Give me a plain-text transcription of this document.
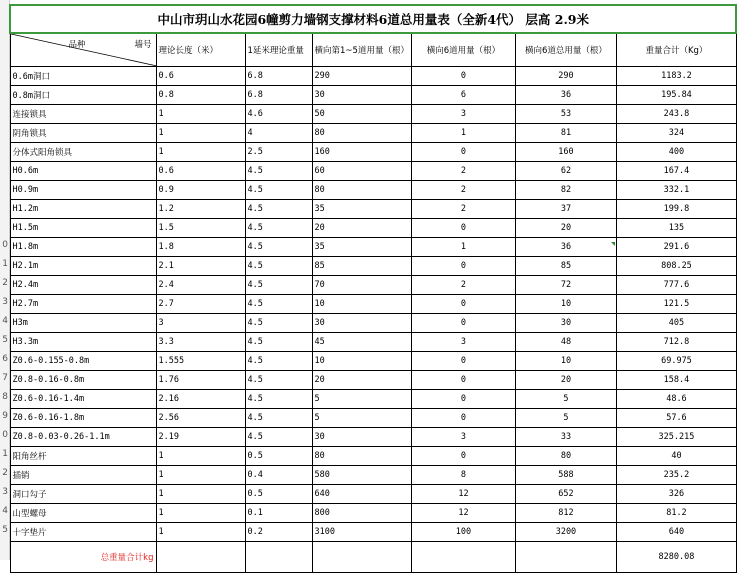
中山市玥山水花园6幢剪力墙钢支撑材料6道总用量表（全新4代） 层高 2.9米						

品种 墙号	理论长度（米）	1延米理论重量	横向第1~5道用量（根）	横向6道用量（根）	横向6道总用量（根）	重量合计（Kg）
0.6m洞口	0.6	6.8	290	0	290	1183.2
0.8m洞口	0.8	6.8	30	6	36	195.84
连接锁具	1	4.6	50	3	53	243.8
阴角锁具	1	4	80	1	81	324
分体式阳角锁具	1	2.5	160	0	160	400
H0.6m	0.6	4.5	60	2	62	167.4
H0.9m	0.9	4.5	80	2	82	332.1
H1.2m	1.2	4.5	35	2	37	199.8
H1.5m	1.5	4.5	20	0	20	135
H1.8m	1.8	4.5	35	1	36	291.6
H2.1m	2.1	4.5	85	0	85	808.25
H2.4m	2.4	4.5	70	2	72	777.6
H2.7m	2.7	4.5	10	0	10	121.5
H3m	3	4.5	30	0	30	405
H3.3m	3.3	4.5	45	3	48	712.8
Z0.6-0.155-0.8m	1.555	4.5	10	0	10	69.975
Z0.8-0.16-0.8m	1.76	4.5	20	0	20	158.4
Z0.6-0.16-1.4m	2.16	4.5	5	0	5	48.6
Z0.6-0.16-1.8m	2.56	4.5	5	0	5	57.6
Z0.8-0.03-0.26-1.1m	2.19	4.5	30	3	33	325.215
阳角丝杆	1	0.5	80	0	80	40
插销	1	0.4	580	8	588	235.2
洞口勾子	1	0.5	640	12	652	326
山型螺母	1	0.1	800	12	812	81.2
十字垫片	1	0.2	3100	100	3200	640
总重量合计kg						8280.08
0
1
2
3
4
5
6
7
8
9
0
1
2
3
4
5
